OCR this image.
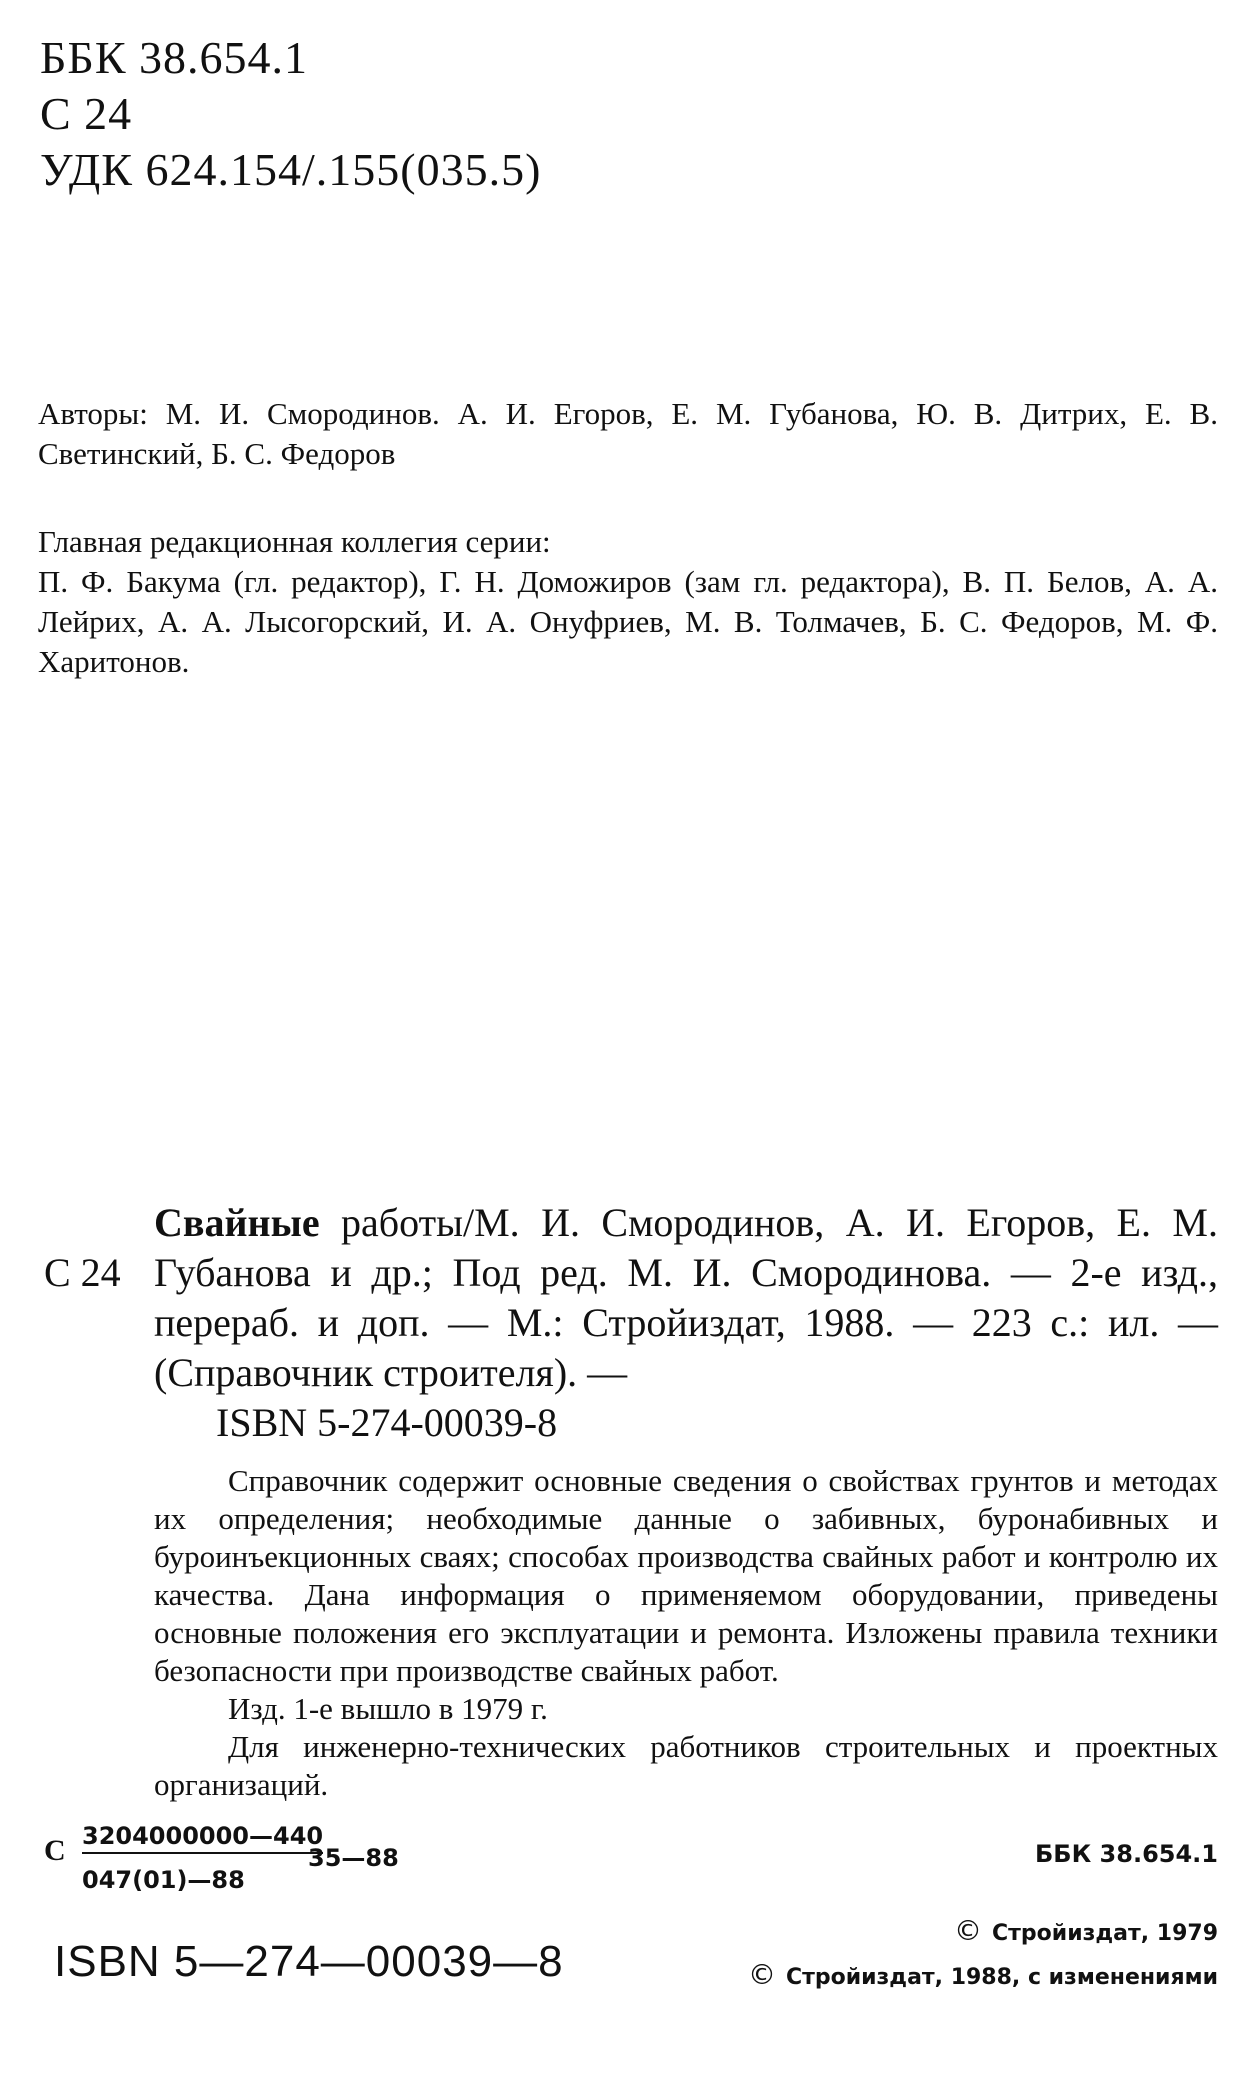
ББК 38.654.1
С 24
УДК 624.154/.155(035.5)
Авторы: М. И. Смородинов. А. И. Егоров, Е. М. Губанова, Ю. В. Дитрих, Е. В. Светинский, Б. С. Федоров
Главная редакционная коллегия серии:
П. Ф. Бакума (гл. редактор), Г. Н. Доможиров (зам гл. редактора), В. П. Белов, А. А. Лейрих, А. А. Лысогорский, И. А. Онуфриев, М. В. Толмачев, Б. С. Федоров, М. Ф. Харитонов.
С 24
Свайные работы/М. И. Смородинов, А. И. Егоров, Е. М. Губанова и др.; Под ред. М. И. Смородинова. — 2-е изд., перераб. и доп. — М.: Стройиздат, 1988. — 223 с.: ил. — (Справочник строителя). —
ISBN 5-274-00039-8

Справочник содержит основные сведения о свойствах грунтов и методах их определения; необходимые данные о забивных, буронабивных и буроинъекционных сваях; способах производства свайных работ и контролю их качества. Дана информация о применяемом оборудовании, приведены основные положения его эксплуатации и ремонта. Изложены правила техники безопасности при производстве свайных работ.

Изд. 1-е вышло в 1979 г.

Для инженерно-технических работников строительных и проектных организаций.

С 3204000000—440
047(01)—88
35—88	ББК 38.654.1
ISBN 5—274—00039—8
© Стройиздат, 1979
© Стройиздат, 1988, с изменениями
